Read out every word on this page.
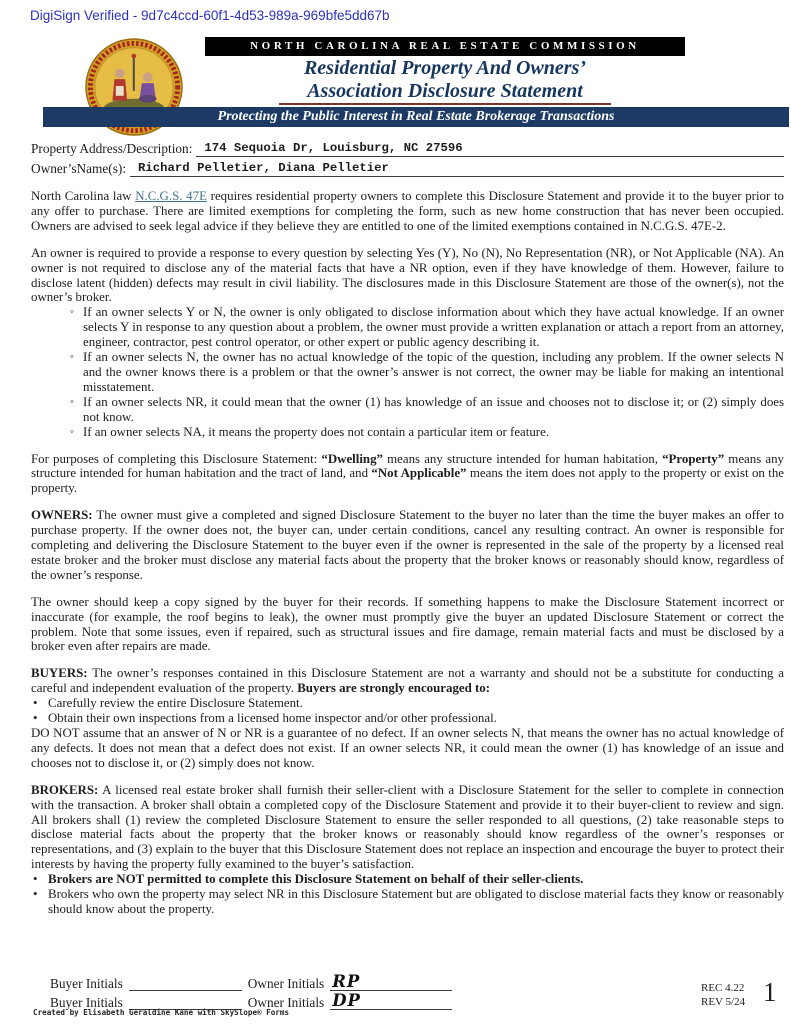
DigiSign Verified - 9d7c4ccd-60f1-4d53-989a-969bfe5dd67b
NORTH CAROLINA REAL ESTATE COMMISSION
Residential Property And Owners’
Association Disclosure Statement
Protecting the Public Interest in Real Estate Brokerage Transactions
Property Address/Description: 174 Sequoia Dr, Louisburg, NC 27596
Owner’sName(s): Richard Pelletier, Diana Pelletier

North Carolina law N.C.G.S. 47E requires residential property owners to complete this Disclosure Statement and provide it to the buyer prior to any offer to purchase. There are limited exemptions for completing the form, such as new home construction that has never been occupied. Owners are advised to seek legal advice if they believe they are entitled to one of the limited exemptions contained in N.C.G.S. 47E-2.

An owner is required to provide a response to every question by selecting Yes (Y), No (N), No Representation (NR), or Not Applicable (NA). An owner is not required to disclose any of the material facts that have a NR option, even if they have knowledge of them. However, failure to disclose latent (hidden) defects may result in civil liability. The disclosures made in this Disclosure Statement are those of the owner(s), not the owner’s broker.

◦ If an owner selects Y or N, the owner is only obligated to disclose information about which they have actual knowledge. If an owner selects Y in response to any question about a problem, the owner must provide a written explanation or attach a report from an attorney, engineer, contractor, pest control operator, or other expert or public agency describing it.
◦ If an owner selects N, the owner has no actual knowledge of the topic of the question, including any problem. If the owner selects N and the owner knows there is a problem or that the owner’s answer is not correct, the owner may be liable for making an intentional misstatement.
◦ If an owner selects NR, it could mean that the owner (1) has knowledge of an issue and chooses not to disclose it; or (2) simply does not know.
◦ If an owner selects NA, it means the property does not contain a particular item or feature.

For purposes of completing this Disclosure Statement: “Dwelling” means any structure intended for human habitation, “Property” means any structure intended for human habitation and the tract of land, and “Not Applicable” means the item does not apply to the property or exist on the property.

OWNERS: The owner must give a completed and signed Disclosure Statement to the buyer no later than the time the buyer makes an offer to purchase property. If the owner does not, the buyer can, under certain conditions, cancel any resulting contract. An owner is responsible for completing and delivering the Disclosure Statement to the buyer even if the owner is represented in the sale of the property by a licensed real estate broker and the broker must disclose any material facts about the property that the broker knows or reasonably should know, regardless of the owner’s response.

The owner should keep a copy signed by the buyer for their records. If something happens to make the Disclosure Statement incorrect or inaccurate (for example, the roof begins to leak), the owner must promptly give the buyer an updated Disclosure Statement or correct the problem. Note that some issues, even if repaired, such as structural issues and fire damage, remain material facts and must be disclosed by a broker even after repairs are made.

BUYERS: The owner’s responses contained in this Disclosure Statement are not a warranty and should not be a substitute for conducting a careful and independent evaluation of the property. Buyers are strongly encouraged to:

• Carefully review the entire Disclosure Statement.
• Obtain their own inspections from a licensed home inspector and/or other professional.

DO NOT assume that an answer of N or NR is a guarantee of no defect. If an owner selects N, that means the owner has no actual knowledge of any defects. It does not mean that a defect does not exist. If an owner selects NR, it could mean the owner (1) has knowledge of an issue and chooses not to disclose it, or (2) simply does not know.

BROKERS: A licensed real estate broker shall furnish their seller-client with a Disclosure Statement for the seller to complete in connection with the transaction. A broker shall obtain a completed copy of the Disclosure Statement and provide it to their buyer-client to review and sign. All brokers shall (1) review the completed Disclosure Statement to ensure the seller responded to all questions, (2) take reasonable steps to disclose material facts about the property that the broker knows or reasonably should know regardless of the owner’s responses or representations, and (3) explain to the buyer that this Disclosure Statement does not replace an inspection and encourage the buyer to protect their interests by having the property fully examined to the buyer’s satisfaction.

• Brokers are NOT permitted to complete this Disclosure Statement on behalf of their seller-clients.
• Brokers who own the property may select NR in this Disclosure Statement but are obligated to disclose material facts they know or reasonably should know about the property.
Buyer Initials	Owner Initials RP
Buyer Initials	Owner Initials DP
REC 4.22
REV 5/24 1
Created by Elisabeth Geraldine Kane with SkySlope® Forms
